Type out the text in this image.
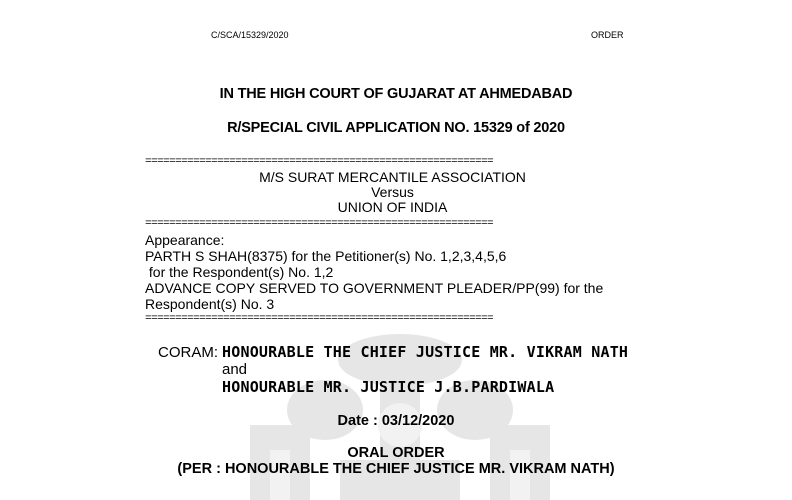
C/SCA/15329/2020	ORDER
IN THE HIGH COURT OF GUJARAT AT AHMEDABAD
R/SPECIAL CIVIL APPLICATION NO. 15329 of 2020
==========================================================
M/S SURAT MERCANTILE ASSOCIATION
Versus
UNION OF INDIA
==========================================================
Appearance:
PARTH S SHAH(8375) for the Petitioner(s) No. 1,2,3,4,5,6
for the Respondent(s) No. 1,2
ADVANCE COPY SERVED TO GOVERNMENT PLEADER/PP(99) for the
Respondent(s) No. 3
==========================================================
CORAM: HONOURABLE THE CHIEF JUSTICE MR. VIKRAM NATH
and
HONOURABLE MR. JUSTICE J.B.PARDIWALA
Date : 03/12/2020
ORAL ORDER
(PER : HONOURABLE THE CHIEF JUSTICE MR. VIKRAM NATH)
